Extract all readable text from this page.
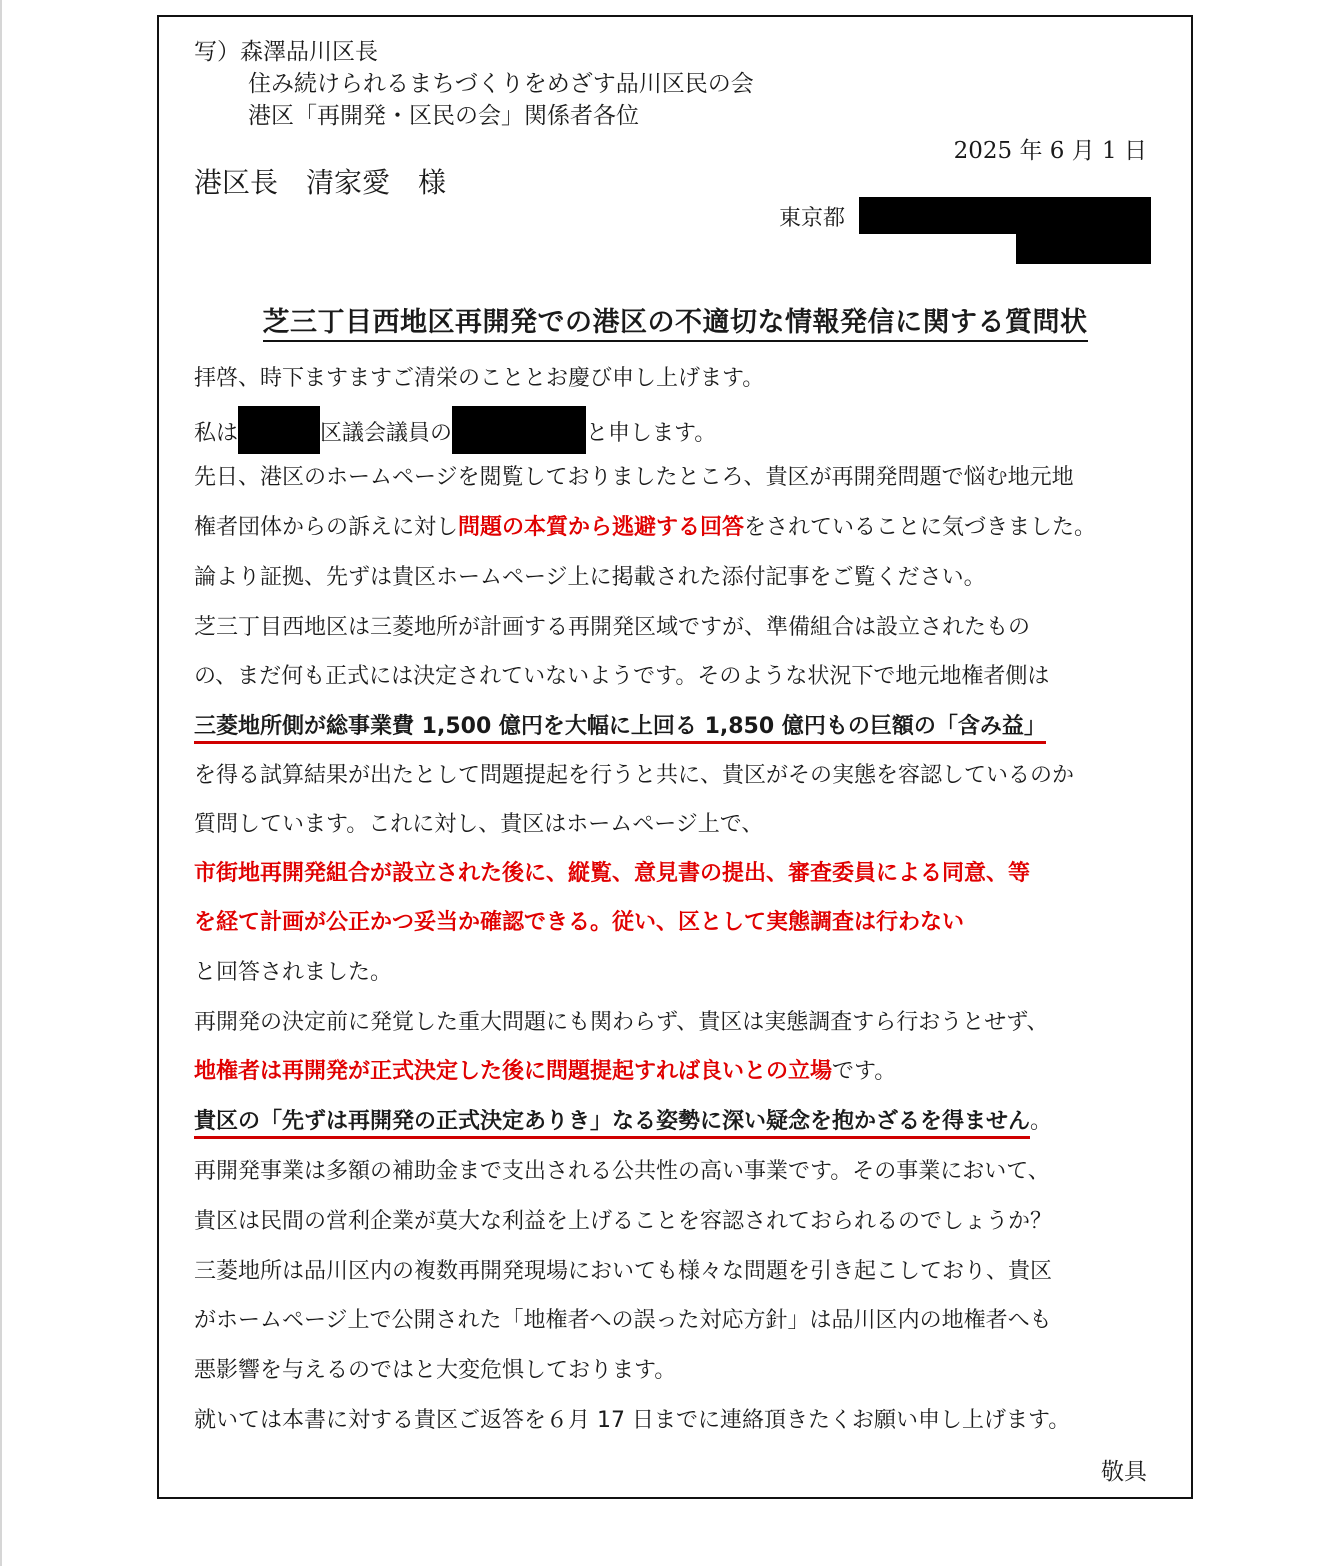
写）森澤品川区長
住み続けられるまちづくりをめざす品川区民の会
港区「再開発・区民の会」関係者各位
2025 年 6 月 1 日
港区長　清家愛　様
東京都
芝三丁目西地区再開発での港区の不適切な情報発信に関する質問状
拝啓、時下ますますご清栄のこととお慶び申し上げます。
私は	区議会議員の	と申します。
先日、港区のホームページを閲覧しておりましたところ、貴区が再開発問題で悩む地元地
権者団体からの訴えに対し問題の本質から逃避する回答をされていることに気づきました。
論より証拠、先ずは貴区ホームページ上に掲載された添付記事をご覧ください。
芝三丁目西地区は三菱地所が計画する再開発区域ですが、準備組合は設立されたもの
の、まだ何も正式には決定されていないようです。そのような状況下で地元地権者側は
三菱地所側が総事業費 1,500 億円を大幅に上回る 1,850 億円もの巨額の「含み益」
を得る試算結果が出たとして問題提起を行うと共に、貴区がその実態を容認しているのか
質問しています。これに対し、貴区はホームページ上で、
市街地再開発組合が設立された後に、縦覧、意見書の提出、審査委員による同意、等
を経て計画が公正かつ妥当か確認できる。従い、区として実態調査は行わない
と回答されました。
再開発の決定前に発覚した重大問題にも関わらず、貴区は実態調査すら行おうとせず、
地権者は再開発が正式決定した後に問題提起すれば良いとの立場です。
貴区の「先ずは再開発の正式決定ありき」なる姿勢に深い疑念を抱かざるを得ません。
再開発事業は多額の補助金まで支出される公共性の高い事業です。その事業において、
貴区は民間の営利企業が莫大な利益を上げることを容認されておられるのでしょうか？
三菱地所は品川区内の複数再開発現場においても様々な問題を引き起こしており、貴区
がホームページ上で公開された「地権者への誤った対応方針」は品川区内の地権者へも
悪影響を与えるのではと大変危惧しております。
就いては本書に対する貴区ご返答を６月 17 日までに連絡頂きたくお願い申し上げます。
敬具
